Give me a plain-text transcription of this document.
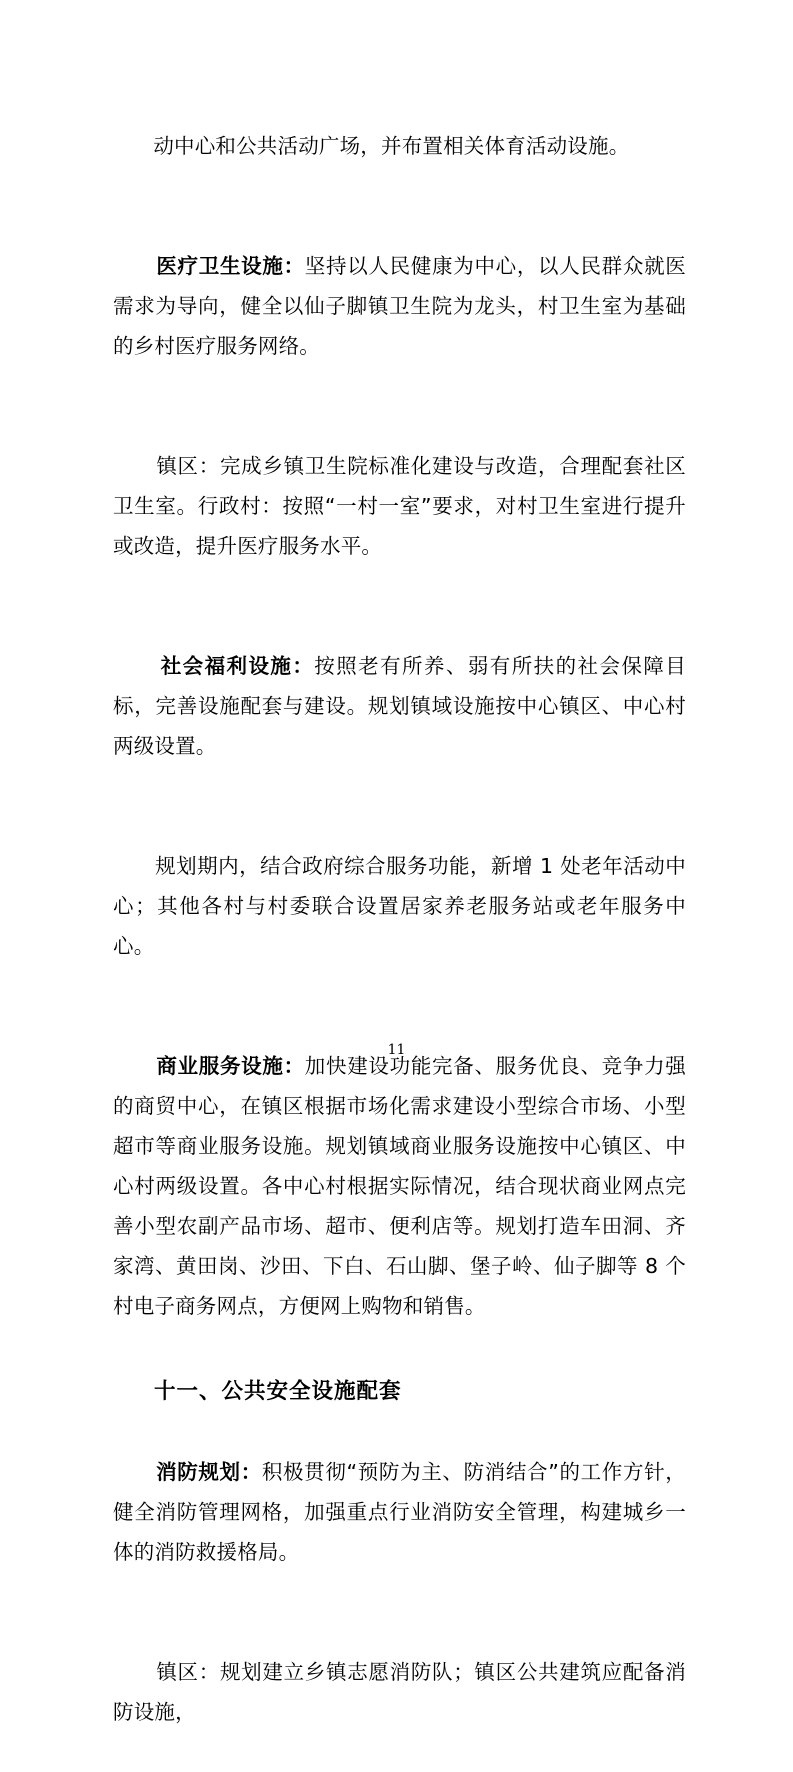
动中心和公共活动广场，并布置相关体育活动设施。

医疗卫生设施：坚持以人民健康为中心，以人民群众就医需求为导向，健全以仙子脚镇卫生院为龙头，村卫生室为基础的乡村医疗服务网络。

镇区：完成乡镇卫生院标准化建设与改造，合理配套社区卫生室。行政村：按照“一村一室”要求，对村卫生室进行提升或改造，提升医疗服务水平。

社会福利设施：按照老有所养、弱有所扶的社会保障目标，完善设施配套与建设。规划镇域设施按中心镇区、中心村两级设置。

规划期内，结合政府综合服务功能，新增 1 处老年活动中心；其他各村与村委联合设置居家养老服务站或老年服务中心。

商业服务设施：加快建设功能完备、服务优良、竞争力强的商贸中心，在镇区根据市场化需求建设小型综合市场、小型超市等商业服务设施。规划镇域商业服务设施按中心镇区、中心村两级设置。各中心村根据实际情况，结合现状商业网点完善小型农副产品市场、超市、便利店等。规划打造车田洞、齐家湾、黄田岗、沙田、下白、石山脚、堡子岭、仙子脚等 8 个村电子商务网点，方便网上购物和销售。

十一、公共安全设施配套

消防规划：积极贯彻“预防为主、防消结合”的工作方针，健全消防管理网格，加强重点行业消防安全管理，构建城乡一体的消防救援格局。

镇区：规划建立乡镇志愿消防队；镇区公共建筑应配备消防设施，

11
